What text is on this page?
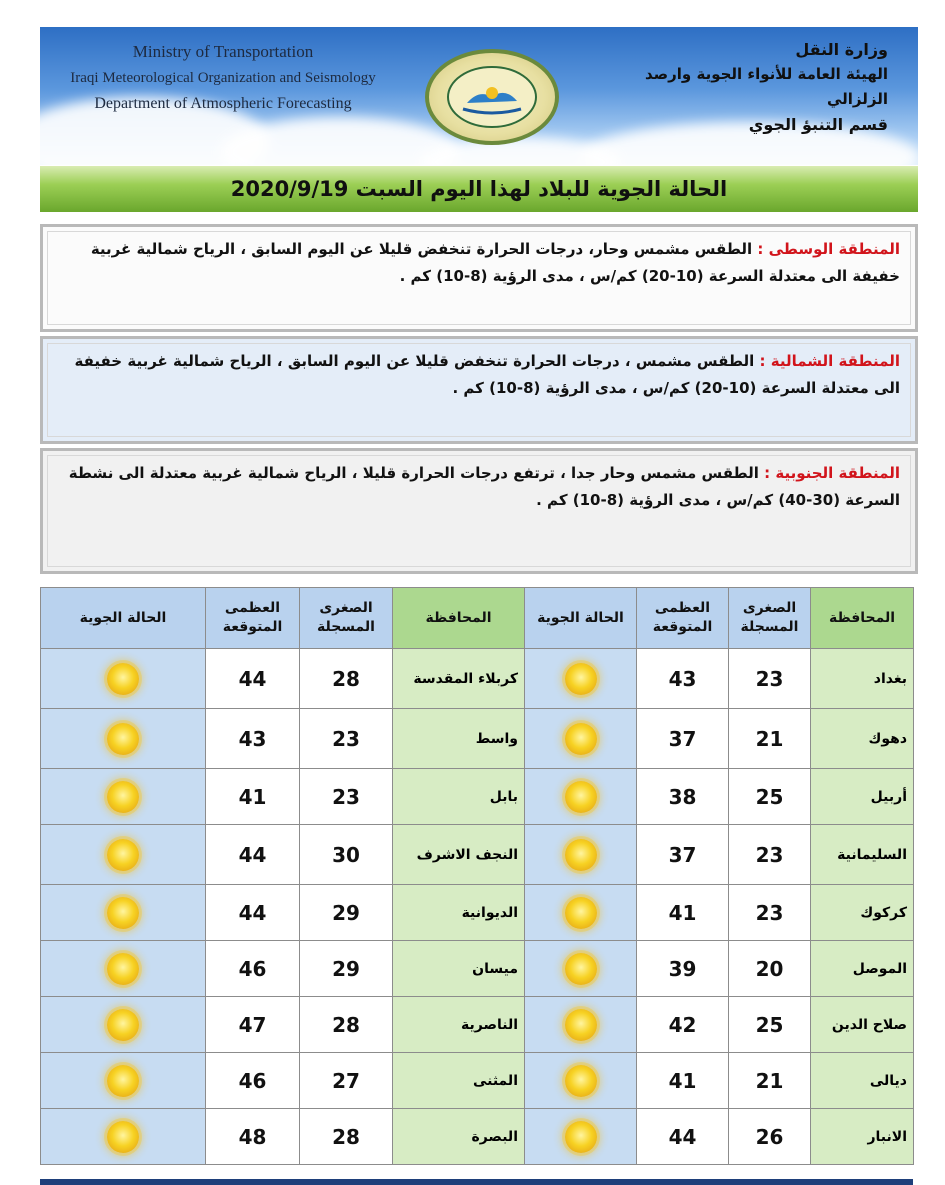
Ministry of Transportation
Iraqi Meteorological Organization and Seismology
Department of Atmospheric Forecasting
وزارة النقل
الهيئة العامة للأنواء الجوية وارصد الزلزالي
قسم التنبؤ الجوي
الحالة الجوية للبلاد لهذا اليوم السبت 2020/9/19
المنطقة الوسطى : الطقس مشمس وحار، درجات الحرارة تنخفض قليلا عن اليوم السابق ، الرياح شمالية غربية خفيفة الى معتدلة السرعة (10-20) كم/س ، مدى الرؤية (8-10) كم .
المنطقة الشمالية : الطقس مشمس ، درجات الحرارة تنخفض قليلا عن اليوم السابق ، الرياح شمالية غربية خفيفة الى معتدلة السرعة (10-20) كم/س ، مدى الرؤية (8-10) كم .
المنطقة الجنوبية : الطقس مشمس وحار جدا ، ترتفع درجات الحرارة قليلا ، الرياح شمالية غربية معتدلة الى نشطة السرعة (30-40) كم/س ، مدى الرؤية (8-10) كم .
المحافظة	الصغرى المسجلة	العظمى المتوقعة	الحالة الجوية	المحافظة	الصغرى المسجلة	العظمى المتوقعة	الحالة الجوية

بغداد	23	43		كربلاء المقدسة	28	44	

دهوك	21	37		واسط	23	43	

أربيل	25	38		بابل	23	41	

السليمانية	23	37		النجف الاشرف	30	44	

كركوك	23	41		الديوانية	29	44	

الموصل	20	39		ميسان	29	46	

صلاح الدين	25	42		الناصرية	28	47	

ديالى	21	41		المثنى	27	46	

الانبار	26	44		البصرة	28	48	
